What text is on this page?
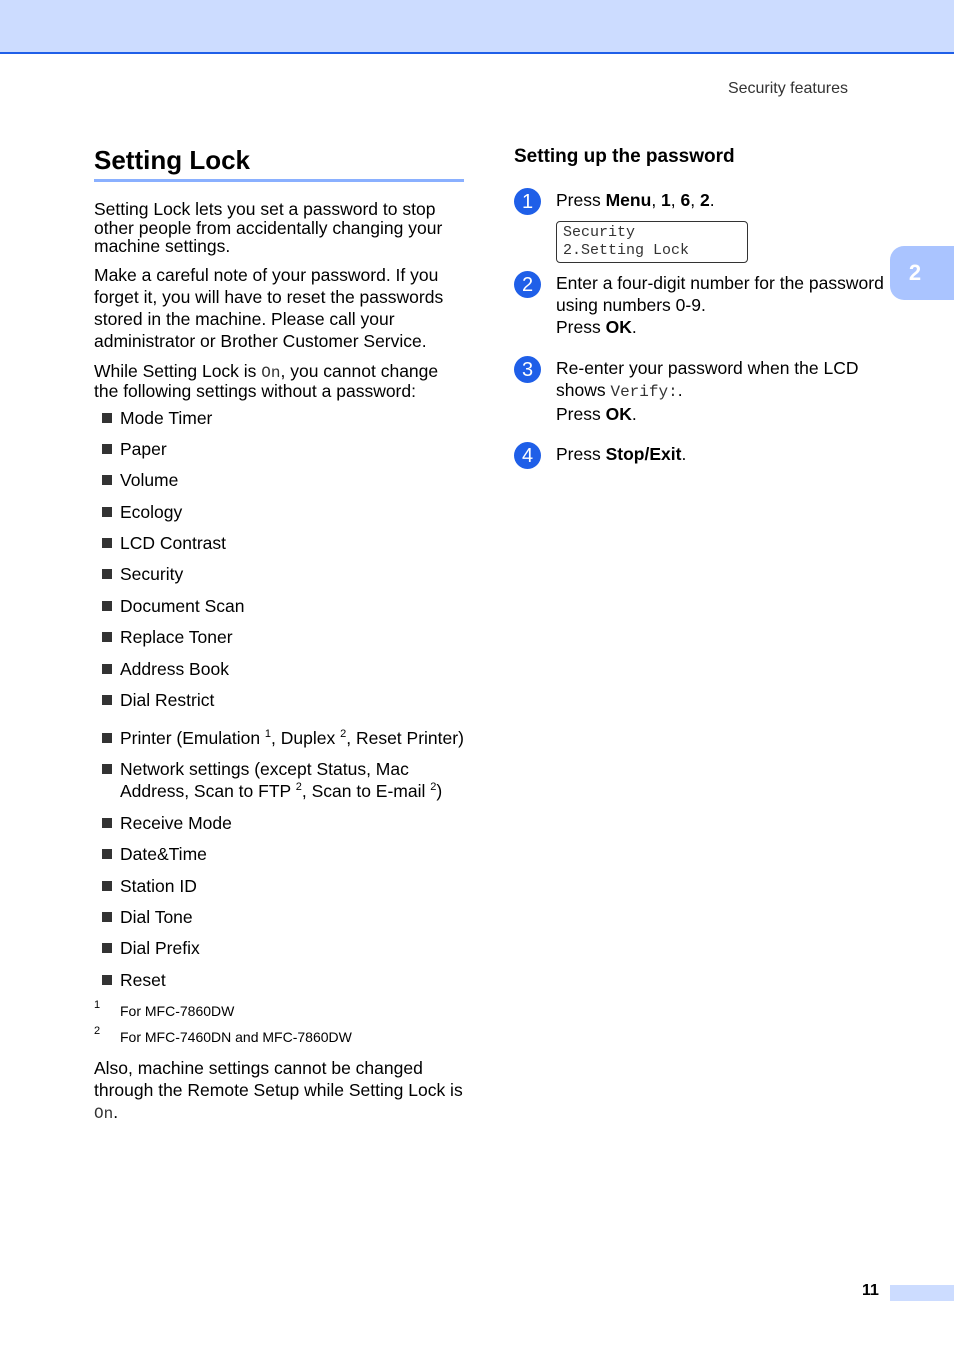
Security features
2
Setting Lock

Setting Lock lets you set a password to stop other people from accidentally changing your machine settings.

Make a careful note of your password. If you forget it, you will have to reset the passwords stored in the machine. Please call your administrator or Brother Customer Service.

While Setting Lock is On, you cannot change the following settings without a password:

Mode Timer
Paper
Volume
Ecology
LCD Contrast
Security
Document Scan
Replace Toner
Address Book
Dial Restrict
Printer (Emulation $^1$, Duplex $^2$, Reset Printer)
Network settings (except Status, Mac Address, Scan to FTP $^2$, Scan to E-mail $^2$)
Receive Mode
Date&Time
Station ID
Dial Tone
Dial Prefix
Reset
1 For MFC-7860DW
2 For MFC-7460DN and MFC-7860DW

Also, machine settings cannot be changed through the Remote Setup while Setting Lock is On.

Setting up the password
1	Press Menu, 1, 6, 2.
Security
2.Setting Lock
2	Enter a four-digit number for the password using numbers 0-9.
Press OK.
3	Re-enter your password when the LCD shows Verify:.
Press OK.
4	Press Stop/Exit.
11
